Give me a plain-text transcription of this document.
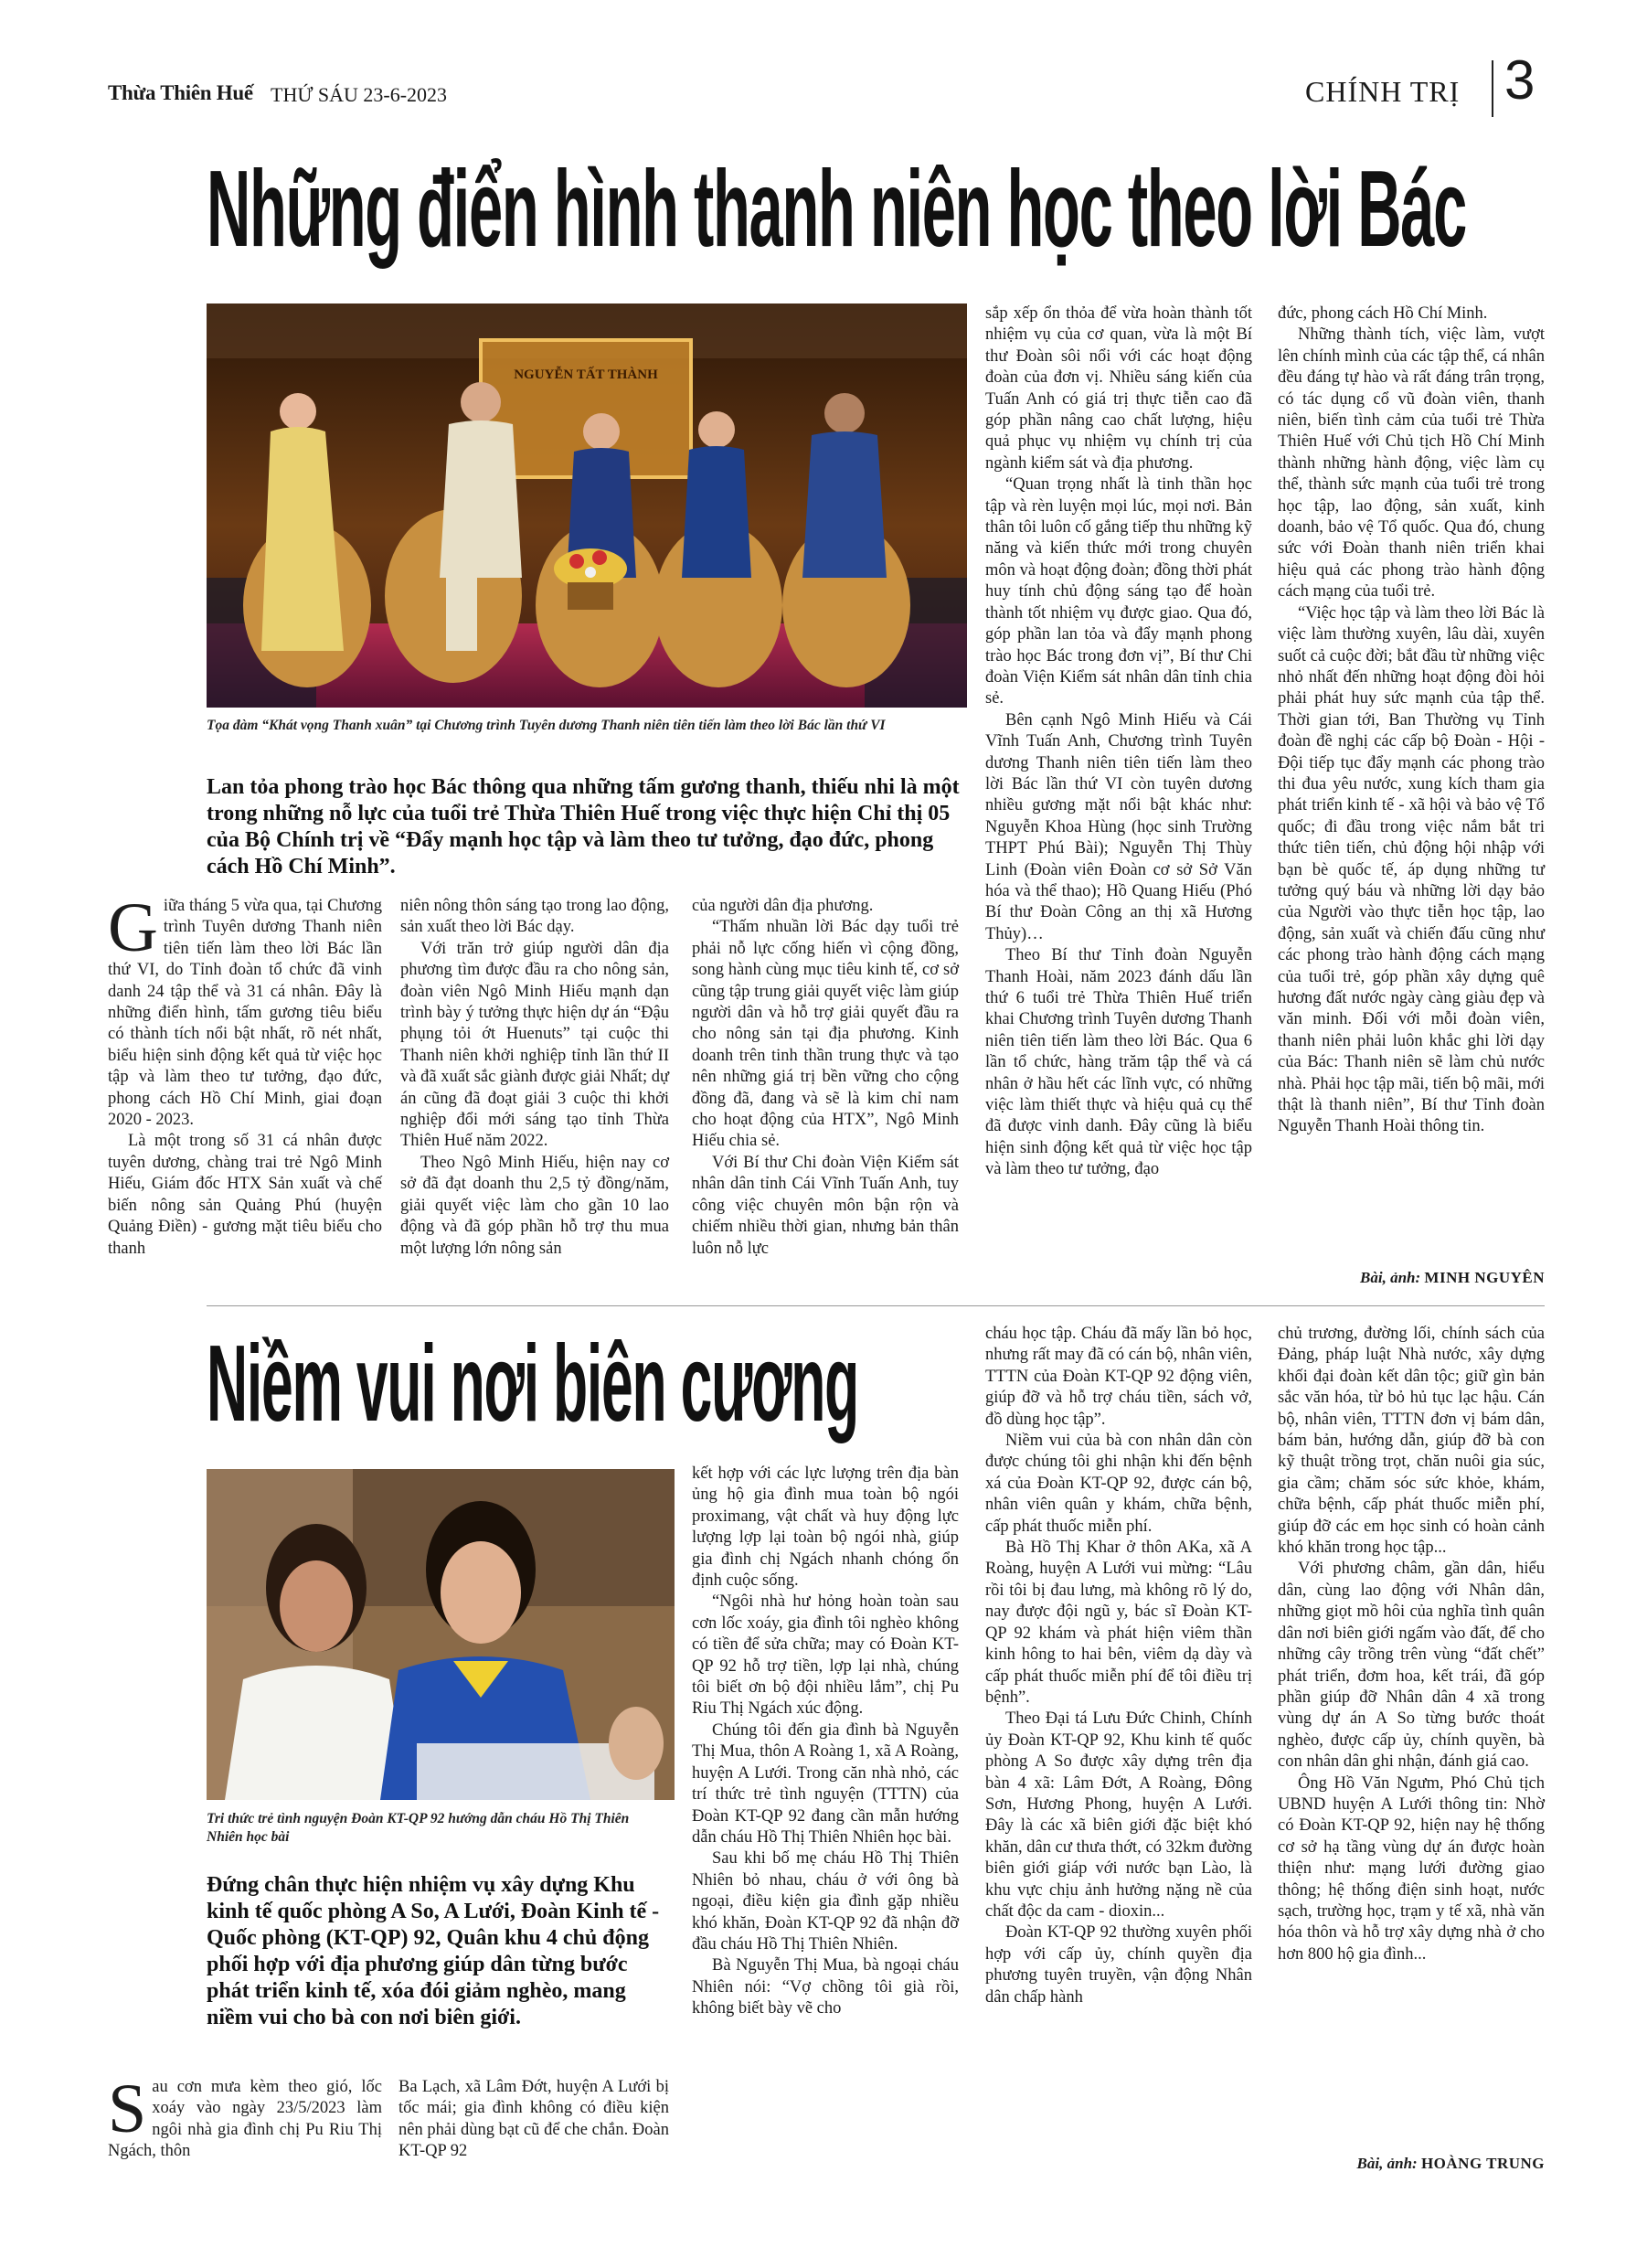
Thừa Thiên Huế THỨ SÁU 23-6-2023	CHÍNH TRỊ 3
Những điển hình thanh niên học theo lời Bác
NGUYỄN TẤT THÀNH
Tọa đàm “Khát vọng Thanh xuân” tại Chương trình Tuyên dương Thanh niên tiên tiến làm theo lời Bác lần thứ VI
Lan tỏa phong trào học Bác thông qua những tấm gương thanh, thiếu nhi là một trong những nỗ lực của tuổi trẻ Thừa Thiên Huế trong việc thực hiện Chỉ thị 05 của Bộ Chính trị về “Đẩy mạnh học tập và làm theo tư tưởng, đạo đức, phong cách Hồ Chí Minh”.
G iữa tháng 5 vừa qua, tại Chương trình Tuyên dương Thanh niên tiên tiến làm theo lời Bác lần thứ VI, do Tỉnh đoàn tổ chức đã vinh danh 24 tập thể và 31 cá nhân. Đây là những điển hình, tấm gương tiêu biểu có thành tích nổi bật nhất, rõ nét nhất, biểu hiện sinh động kết quả từ việc học tập và làm theo tư tưởng, đạo đức, phong cách Hồ Chí Minh, giai đoạn 2020 - 2023.

Là một trong số 31 cá nhân được tuyên dương, chàng trai trẻ Ngô Minh Hiếu, Giám đốc HTX Sản xuất và chế biến nông sản Quảng Phú (huyện Quảng Điền) - gương mặt tiêu biểu cho thanh

niên nông thôn sáng tạo trong lao động, sản xuất theo lời Bác dạy.

Với trăn trở giúp người dân địa phương tìm được đầu ra cho nông sản, đoàn viên Ngô Minh Hiếu mạnh dạn trình bày ý tưởng thực hiện dự án “Đậu phụng tỏi ớt Huenuts” tại cuộc thi Thanh niên khởi nghiệp tỉnh lần thứ II và đã xuất sắc giành được giải Nhất; dự án cũng đã đoạt giải 3 cuộc thi khởi nghiệp đổi mới sáng tạo tỉnh Thừa Thiên Huế năm 2022.

Theo Ngô Minh Hiếu, hiện nay cơ sở đã đạt doanh thu 2,5 tỷ đồng/năm, giải quyết việc làm cho gần 10 lao động và đã góp phần hỗ trợ thu mua một lượng lớn nông sản

của người dân địa phương.

“Thấm nhuần lời Bác dạy tuổi trẻ phải nỗ lực cống hiến vì cộng đồng, song hành cùng mục tiêu kinh tế, cơ sở cũng tập trung giải quyết việc làm giúp người dân và hỗ trợ giải quyết đầu ra cho nông sản tại địa phương. Kinh doanh trên tinh thần trung thực và tạo nên những giá trị bền vững cho cộng đồng đã, đang và sẽ là kim chỉ nam cho hoạt động của HTX”, Ngô Minh Hiếu chia sẻ.

Với Bí thư Chi đoàn Viện Kiểm sát nhân dân tỉnh Cái Vĩnh Tuấn Anh, tuy công việc chuyên môn bận rộn và chiếm nhiều thời gian, nhưng bản thân luôn nỗ lực

sắp xếp ổn thỏa để vừa hoàn thành tốt nhiệm vụ của cơ quan, vừa là một Bí thư Đoàn sôi nổi với các hoạt động đoàn của đơn vị. Nhiều sáng kiến của Tuấn Anh có giá trị thực tiễn cao đã góp phần nâng cao chất lượng, hiệu quả phục vụ nhiệm vụ chính trị của ngành kiểm sát và địa phương.

“Quan trọng nhất là tinh thần học tập và rèn luyện mọi lúc, mọi nơi. Bản thân tôi luôn cố gắng tiếp thu những kỹ năng và kiến thức mới trong chuyên môn và hoạt động đoàn; đồng thời phát huy tính chủ động sáng tạo để hoàn thành tốt nhiệm vụ được giao. Qua đó, góp phần lan tỏa và đẩy mạnh phong trào học Bác trong đơn vị”, Bí thư Chi đoàn Viện Kiểm sát nhân dân tỉnh chia sẻ.

Bên cạnh Ngô Minh Hiếu và Cái Vĩnh Tuấn Anh, Chương trình Tuyên dương Thanh niên tiên tiến làm theo lời Bác lần thứ VI còn tuyên dương nhiều gương mặt nổi bật khác như: Nguyễn Khoa Hùng (học sinh Trường THPT Phú Bài); Nguyễn Thị Thùy Linh (Đoàn viên Đoàn cơ sở Sở Văn hóa và thể thao); Hồ Quang Hiếu (Phó Bí thư Đoàn Công an thị xã Hương Thủy)…

Theo Bí thư Tỉnh đoàn Nguyễn Thanh Hoài, năm 2023 đánh dấu lần thứ 6 tuổi trẻ Thừa Thiên Huế triển khai Chương trình Tuyên dương Thanh niên tiên tiến làm theo lời Bác. Qua 6 lần tổ chức, hàng trăm tập thể và cá nhân ở hầu hết các lĩnh vực, có những việc làm thiết thực và hiệu quả cụ thể đã được vinh danh. Đây cũng là biểu hiện sinh động kết quả từ việc học tập và làm theo tư tưởng, đạo

đức, phong cách Hồ Chí Minh.

Những thành tích, việc làm, vượt lên chính mình của các tập thể, cá nhân đều đáng tự hào và rất đáng trân trọng, có tác dụng cổ vũ đoàn viên, thanh niên, biến tình cảm của tuổi trẻ Thừa Thiên Huế với Chủ tịch Hồ Chí Minh thành những hành động, việc làm cụ thể, thành sức mạnh của tuổi trẻ trong học tập, lao động, sản xuất, kinh doanh, bảo vệ Tổ quốc. Qua đó, chung sức với Đoàn thanh niên triển khai hiệu quả các phong trào hành động cách mạng của tuổi trẻ.

“Việc học tập và làm theo lời Bác là việc làm thường xuyên, lâu dài, xuyên suốt cả cuộc đời; bắt đầu từ những việc nhỏ nhất đến những hoạt động đòi hỏi phải phát huy sức mạnh của tập thể. Thời gian tới, Ban Thường vụ Tỉnh đoàn đề nghị các cấp bộ Đoàn - Hội - Đội tiếp tục đẩy mạnh các phong trào thi đua yêu nước, xung kích tham gia phát triển kinh tế - xã hội và bảo vệ Tổ quốc; đi đầu trong việc nắm bắt tri thức tiên tiến, chủ động hội nhập với bạn bè quốc tế, áp dụng những tư tưởng quý báu và những lời dạy bảo của Người vào thực tiễn học tập, lao động, sản xuất và chiến đấu cũng như các phong trào hành động cách mạng của tuổi trẻ, góp phần xây dựng quê hương đất nước ngày càng giàu đẹp và văn minh. Đối với mỗi đoàn viên, thanh niên phải luôn khắc ghi lời dạy của Bác: Thanh niên sẽ làm chủ nước nhà. Phải học tập mãi, tiến bộ mãi, mới thật là thanh niên”, Bí thư Tỉnh đoàn Nguyễn Thanh Hoài thông tin.

Bài, ảnh: MINH NGUYÊN
Niềm vui nơi biên cương
Tri thức trẻ tình nguyện Đoàn KT-QP 92 hướng dẫn cháu Hồ Thị Thiên Nhiên học bài
Đứng chân thực hiện nhiệm vụ xây dựng Khu kinh tế quốc phòng A So, A Lưới, Đoàn Kinh tế - Quốc phòng (KT-QP) 92, Quân khu 4 chủ động phối hợp với địa phương giúp dân từng bước phát triển kinh tế, xóa đói giảm nghèo, mang niềm vui cho bà con nơi biên giới.
S au cơn mưa kèm theo gió, lốc xoáy vào ngày 23/5/2023 làm ngôi nhà gia đình chị Pu Riu Thị Ngách, thôn

Ba Lạch, xã Lâm Đớt, huyện A Lưới bị tốc mái; gia đình không có điều kiện nên phải dùng bạt cũ để che chắn. Đoàn KT-QP 92

kết hợp với các lực lượng trên địa bàn ủng hộ gia đình mua toàn bộ ngói proximang, vật chất và huy động lực lượng lợp lại toàn bộ ngói nhà, giúp gia đình chị Ngách nhanh chóng ổn định cuộc sống.

“Ngôi nhà hư hỏng hoàn toàn sau cơn lốc xoáy, gia đình tôi nghèo không có tiền để sửa chữa; may có Đoàn KT-QP 92 hỗ trợ tiền, lợp lại nhà, chúng tôi biết ơn bộ đội nhiều lắm”, chị Pu Riu Thị Ngách xúc động.

Chúng tôi đến gia đình bà Nguyễn Thị Mua, thôn A Roàng 1, xã A Roàng, huyện A Lưới. Trong căn nhà nhỏ, các trí thức trẻ tình nguyện (TTTN) của Đoàn KT-QP 92 đang cần mẫn hướng dẫn cháu Hồ Thị Thiên Nhiên học bài.

Sau khi bố mẹ cháu Hồ Thị Thiên Nhiên bỏ nhau, cháu ở với ông bà ngoại, điều kiện gia đình gặp nhiều khó khăn, Đoàn KT-QP 92 đã nhận đỡ đầu cháu Hồ Thị Thiên Nhiên.

Bà Nguyễn Thị Mua, bà ngoại cháu Nhiên nói: “Vợ chồng tôi già rồi, không biết bày vẽ cho

cháu học tập. Cháu đã mấy lần bỏ học, nhưng rất may đã có cán bộ, nhân viên, TTTN của Đoàn KT-QP 92 động viên, giúp đỡ và hỗ trợ cháu tiền, sách vở, đồ dùng học tập”.

Niềm vui của bà con nhân dân còn được chúng tôi ghi nhận khi đến bệnh xá của Đoàn KT-QP 92, được cán bộ, nhân viên quân y khám, chữa bệnh, cấp phát thuốc miễn phí.

Bà Hồ Thị Khar ở thôn AKa, xã A Roàng, huyện A Lưới vui mừng: “Lâu rồi tôi bị đau lưng, mà không rõ lý do, nay được đội ngũ y, bác sĩ Đoàn KT-QP 92 khám và phát hiện viêm thần kinh hông to hai bên, viêm dạ dày và cấp phát thuốc miễn phí để tôi điều trị bệnh”.

Theo Đại tá Lưu Đức Chinh, Chính ủy Đoàn KT-QP 92, Khu kinh tế quốc phòng A So được xây dựng trên địa bàn 4 xã: Lâm Đớt, A Roàng, Đông Sơn, Hương Phong, huyện A Lưới. Đây là các xã biên giới đặc biệt khó khăn, dân cư thưa thớt, có 32km đường biên giới giáp với nước bạn Lào, là khu vực chịu ảnh hưởng nặng nề của chất độc da cam - dioxin...

Đoàn KT-QP 92 thường xuyên phối hợp với cấp ủy, chính quyền địa phương tuyên truyền, vận động Nhân dân chấp hành

chủ trương, đường lối, chính sách của Đảng, pháp luật Nhà nước, xây dựng khối đại đoàn kết dân tộc; giữ gìn bản sắc văn hóa, từ bỏ hủ tục lạc hậu. Cán bộ, nhân viên, TTTN đơn vị bám dân, bám bản, hướng dẫn, giúp đỡ bà con kỹ thuật trồng trọt, chăn nuôi gia súc, gia cầm; chăm sóc sức khỏe, khám, chữa bệnh, cấp phát thuốc miễn phí, giúp đỡ các em học sinh có hoàn cảnh khó khăn trong học tập...

Với phương châm, gần dân, hiểu dân, cùng lao động với Nhân dân, những giọt mồ hôi của nghĩa tình quân dân nơi biên giới ngấm vào đất, để cho những cây trồng trên vùng “đất chết” phát triển, đơm hoa, kết trái, đã góp phần giúp đỡ Nhân dân 4 xã trong vùng dự án A So từng bước thoát nghèo, được cấp ủy, chính quyền, bà con nhân dân ghi nhận, đánh giá cao.

Ông Hồ Văn Ngưm, Phó Chủ tịch UBND huyện A Lưới thông tin: Nhờ có Đoàn KT-QP 92, hiện nay hệ thống cơ sở hạ tầng vùng dự án được hoàn thiện như: mạng lưới đường giao thông; hệ thống điện sinh hoạt, nước sạch, trường học, trạm y tế xã, nhà văn hóa thôn và hỗ trợ xây dựng nhà ở cho hơn 800 hộ gia đình...

Bài, ảnh: HOÀNG TRUNG
